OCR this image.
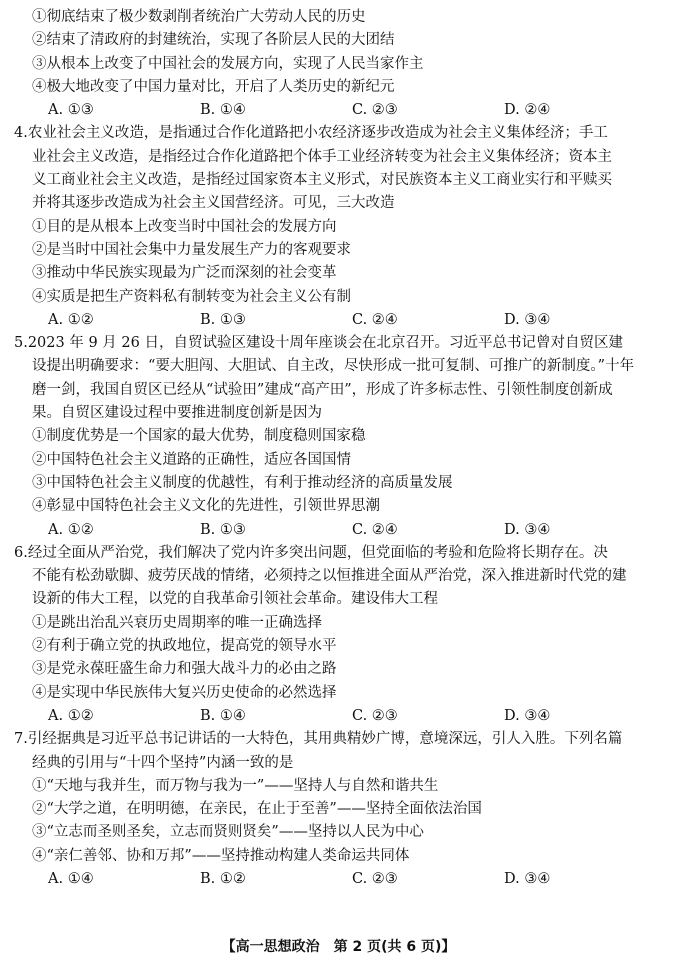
①彻底结束了极少数剥削者统治广大劳动人民的历史
②结束了清政府的封建统治，实现了各阶层人民的大团结
③从根本上改变了中国社会的发展方向，实现了人民当家作主
④极大地改变了中国力量对比，开启了人类历史的新纪元
A. ①③	B. ①④	C. ②③	D. ②④
4.农业社会主义改造，是指通过合作化道路把小农经济逐步改造成为社会主义集体经济；手工
业社会主义改造，是指经过合作化道路把个体手工业经济转变为社会主义集体经济；资本主
义工商业社会主义改造，是指经过国家资本主义形式，对民族资本主义工商业实行和平赎买
并将其逐步改造成为社会主义国营经济。可见，三大改造
①目的是从根本上改变当时中国社会的发展方向
②是当时中国社会集中力量发展生产力的客观要求
③推动中华民族实现最为广泛而深刻的社会变革
④实质是把生产资料私有制转变为社会主义公有制
A. ①②	B. ①③	C. ②④	D. ③④
5.2023 年 9 月 26 日，自贸试验区建设十周年座谈会在北京召开。习近平总书记曾对自贸区建
设提出明确要求：“要大胆闯、大胆试、自主改，尽快形成一批可复制、可推广的新制度。”十年
磨一剑，我国自贸区已经从“试验田”建成“高产田”，形成了许多标志性、引领性制度创新成
果。自贸区建设过程中要推进制度创新是因为
①制度优势是一个国家的最大优势，制度稳则国家稳
②中国特色社会主义道路的正确性，适应各国国情
③中国特色社会主义制度的优越性，有利于推动经济的高质量发展
④彰显中国特色社会主义文化的先进性，引领世界思潮
A. ①②	B. ①③	C. ②④	D. ③④
6.经过全面从严治党，我们解决了党内许多突出问题，但党面临的考验和危险将长期存在。决
不能有松劲歇脚、疲劳厌战的情绪，必须持之以恒推进全面从严治党，深入推进新时代党的建
设新的伟大工程，以党的自我革命引领社会革命。建设伟大工程
①是跳出治乱兴衰历史周期率的唯一正确选择
②有利于确立党的执政地位，提高党的领导水平
③是党永葆旺盛生命力和强大战斗力的必由之路
④是实现中华民族伟大复兴历史使命的必然选择
A. ①②	B. ①④	C. ②③	D. ③④
7.引经据典是习近平总书记讲话的一大特色，其用典精妙广博，意境深远，引人入胜。下列名篇
经典的引用与“十四个坚持”内涵一致的是
①“天地与我并生，而万物与我为一”——坚持人与自然和谐共生
②“大学之道，在明明德，在亲民，在止于至善”——坚持全面依法治国
③“立志而圣则圣矣，立志而贤则贤矣”——坚持以人民为中心
④“亲仁善邻、协和万邦”——坚持推动构建人类命运共同体
A. ①④	B. ①②	C. ②③	D. ③④
【高一思想政治　第 2 页(共 6 页)】
